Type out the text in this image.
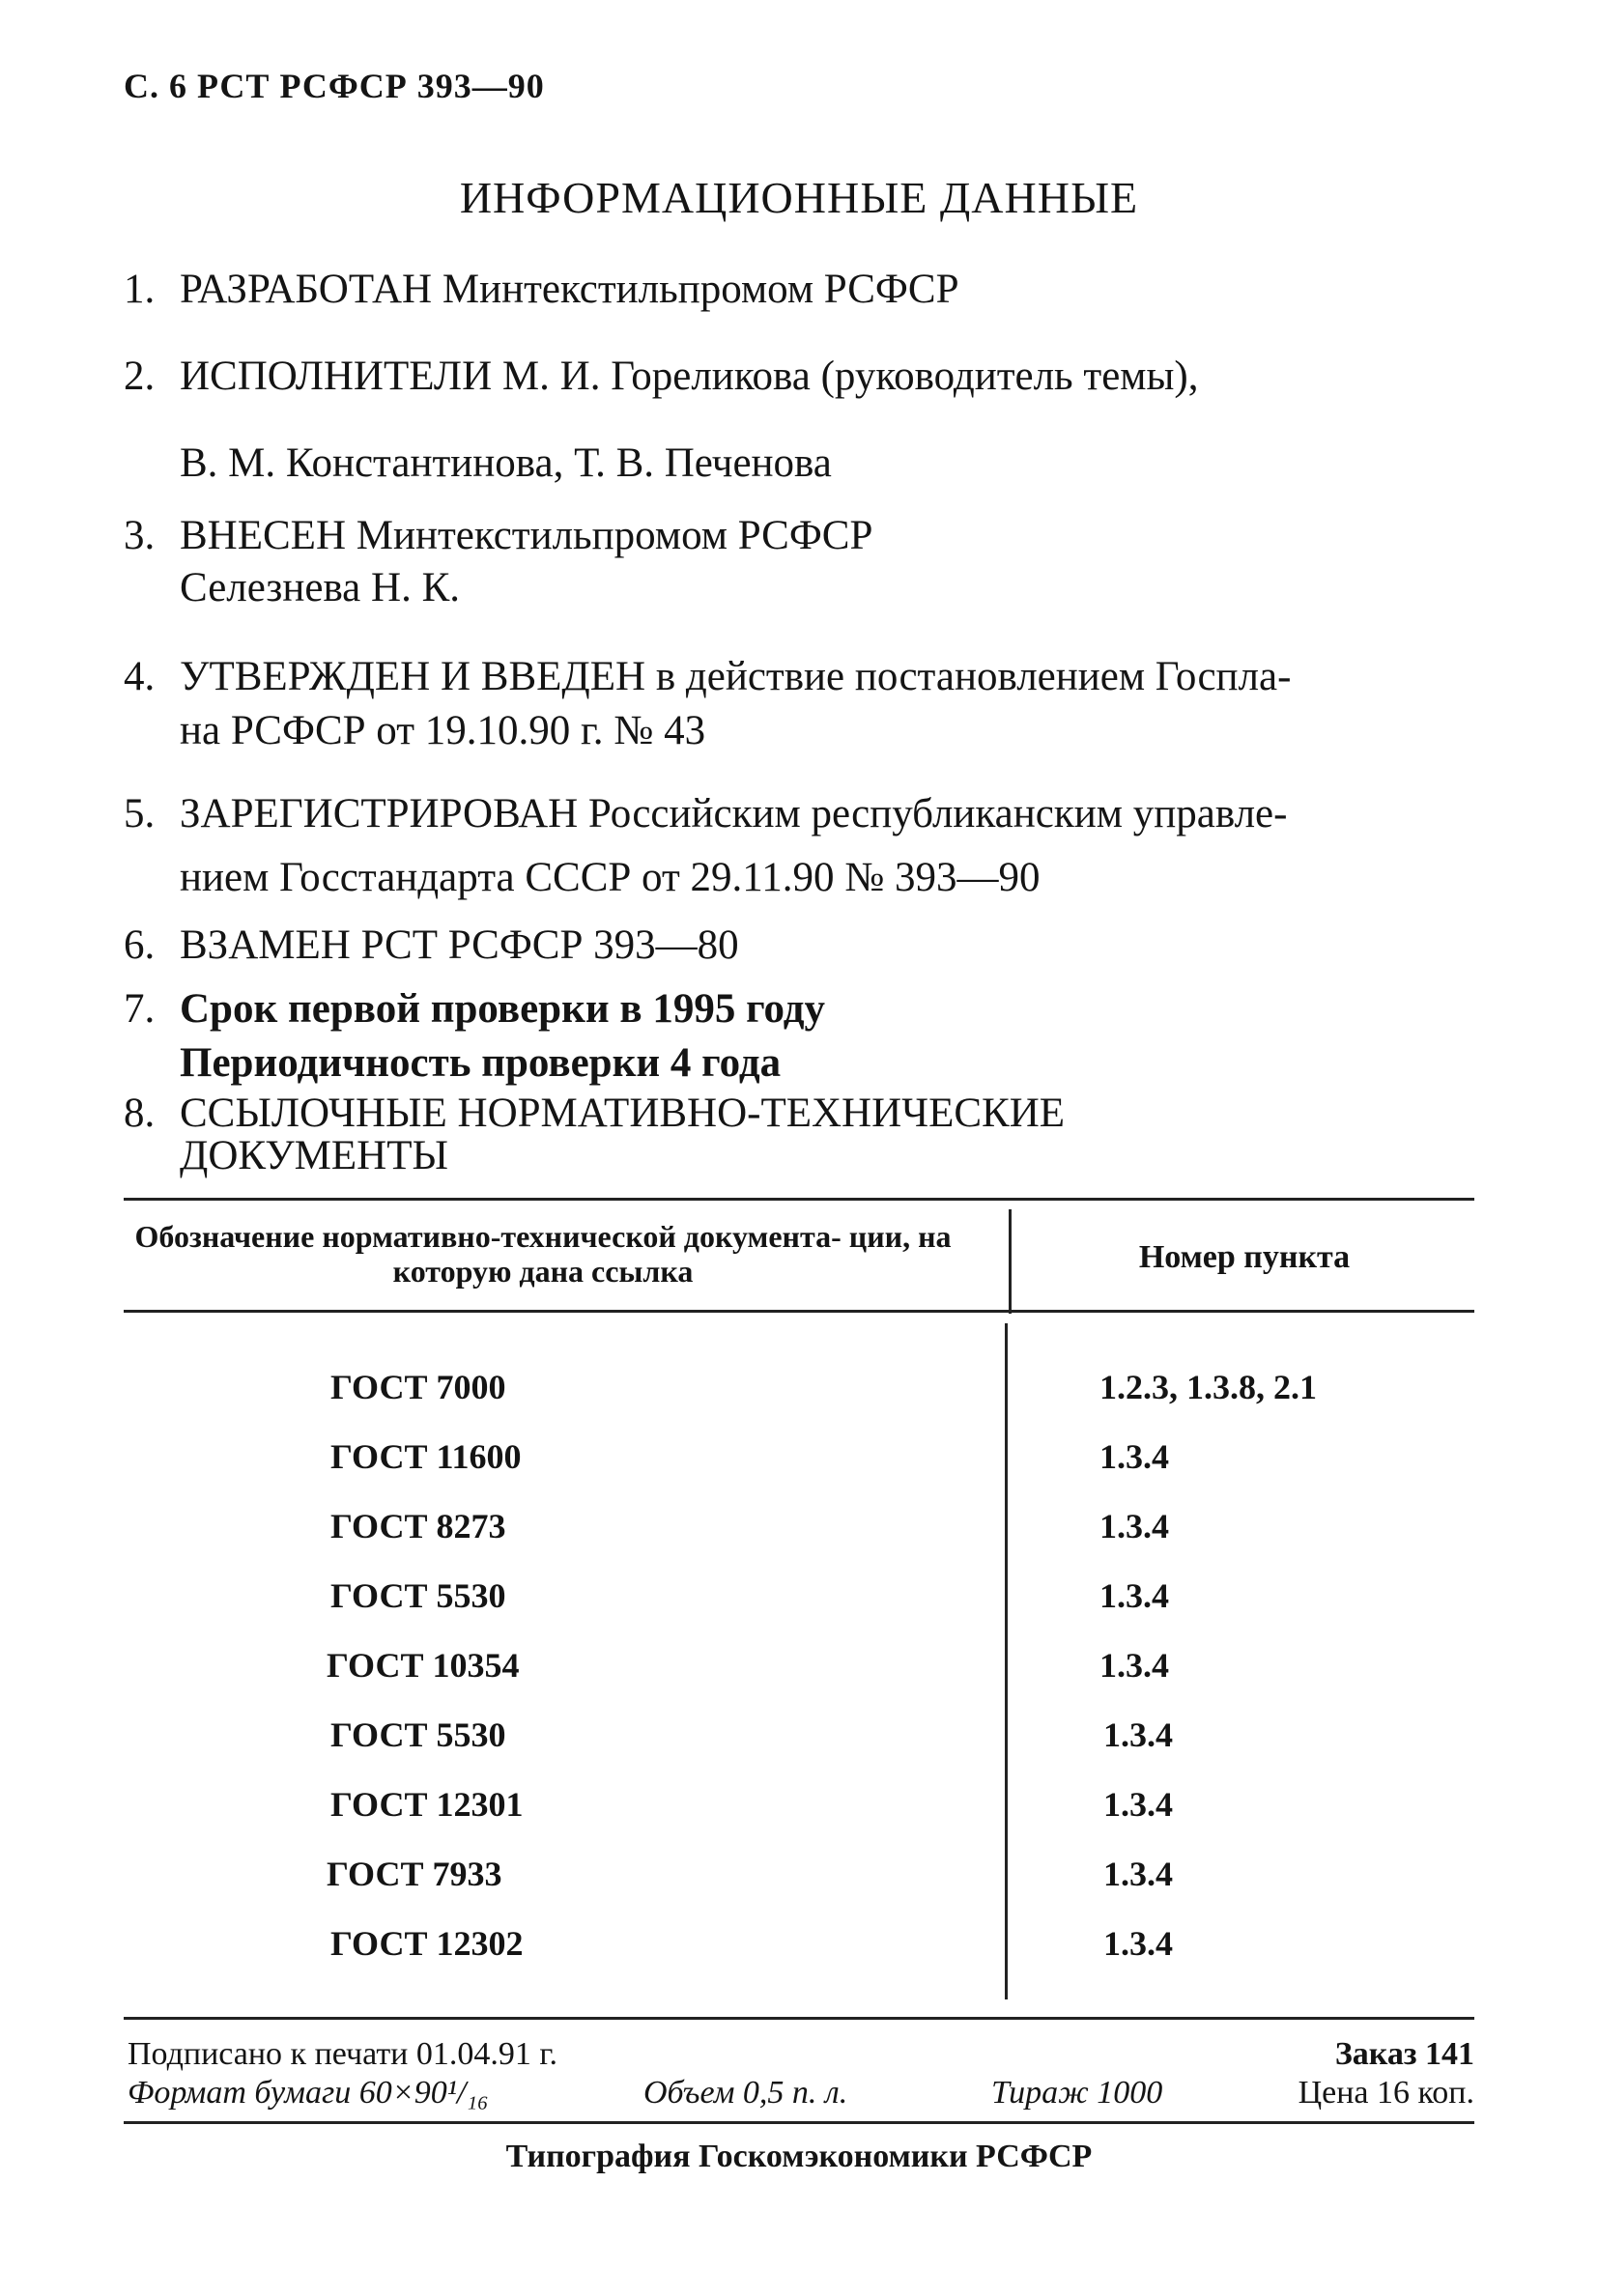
С. 6 РСТ РСФСР 393—90
ИНФОРМАЦИОННЫЕ ДАННЫЕ
1. РАЗРАБОТАН Минтекстильпромом РСФСР
2. ИСПОЛНИТЕЛИ М. И. Гореликова (руководитель темы),
В. М. Константинова, Т. В. Печенова
3. ВНЕСЕН Минтекстильпромом РСФСР
Селезнева Н. К.
4. УТВЕРЖДЕН И ВВЕДЕН в действие постановлением Госпла-
на РСФСР от 19.10.90 г. № 43
5. ЗАРЕГИСТРИРОВАН Российским республиканским управле-
нием Госстандарта СССР от 29.11.90 № 393—90
6. ВЗАМЕН РСТ РСФСР 393—80
7. Срок первой проверки в 1995 году
Периодичность проверки 4 года
8. ССЫЛОЧНЫЕ НОРМАТИВНО-ТЕХНИЧЕСКИЕ
ДОКУМЕНТЫ
Обозначение нормативно-технической документа- ции, на которую дана ссылка	Номер пункта
ГОСТ 7000	1.2.3, 1.3.8, 2.1
ГОСТ 11600	1.3.4
ГОСТ 8273	1.3.4
ГОСТ 5530	1.3.4
ГОСТ 10354	1.3.4
ГОСТ 5530	1.3.4
ГОСТ 12301	1.3.4
ГОСТ 7933	1.3.4
ГОСТ 12302	1.3.4
Подписано к печати 01.04.91 г.	Заказ 141
Формат бумаги 60×90¹/₁₆	Объем 0,5 п. л.	Тираж 1000	Цена 16 коп.
Типография Госкомэкономики РСФСР
